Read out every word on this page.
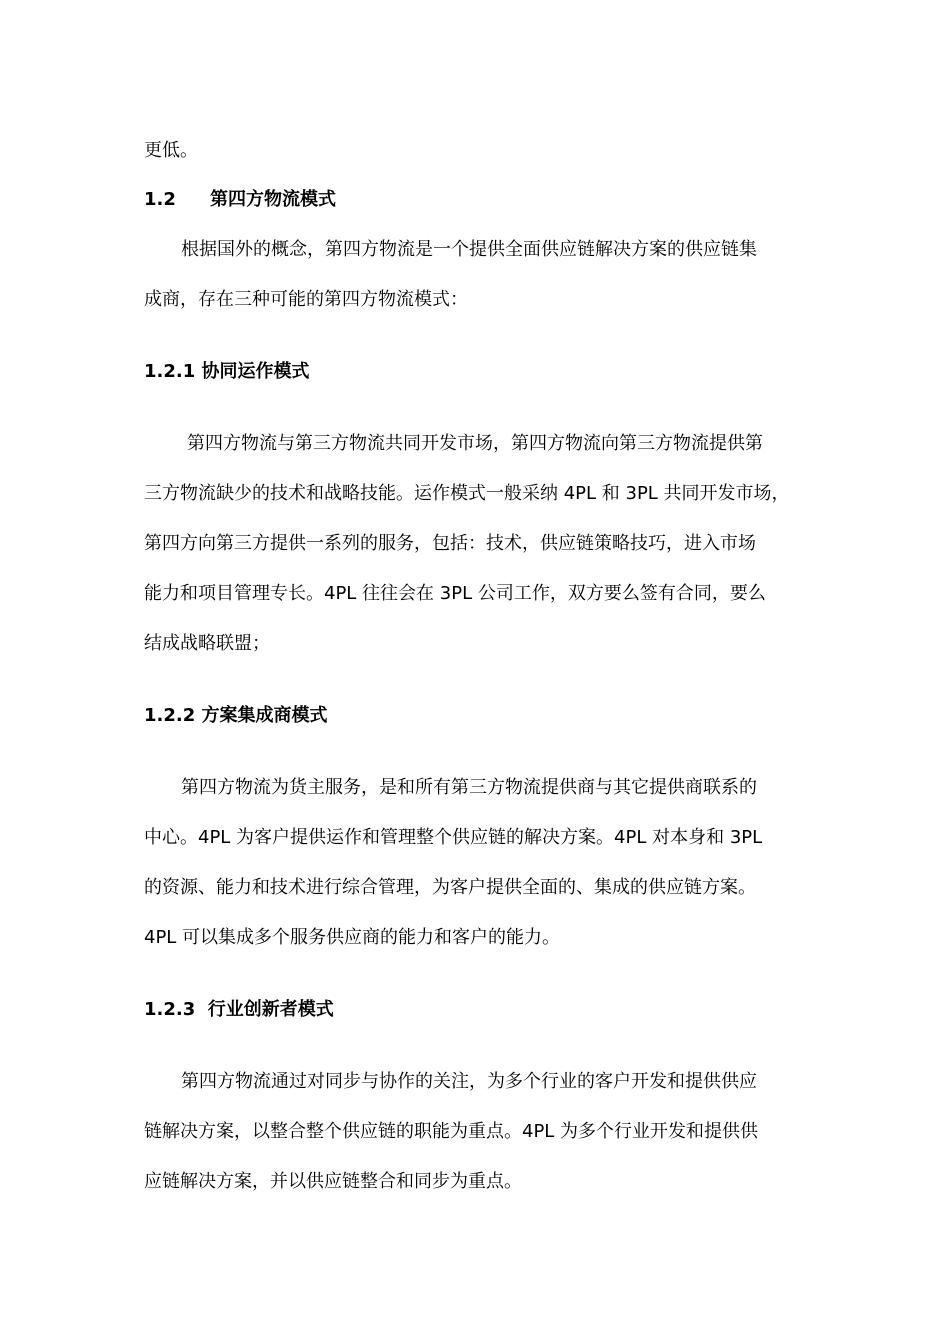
更低。

1.2 第四方物流模式

根据国外的概念，第四方物流是一个提供全面供应链解决方案的供应链集

成商，存在三种可能的第四方物流模式：

1.2.1 协同运作模式

第四方物流与第三方物流共同开发市场，第四方物流向第三方物流提供第

三方物流缺少的技术和战略技能。运作模式一般采纳 4PL 和 3PL 共同开发市场，

第四方向第三方提供一系列的服务，包括：技术，供应链策略技巧，进入市场

能力和项目管理专长。4PL 往往会在 3PL 公司工作，双方要么签有合同，要么

结成战略联盟；

1.2.2 方案集成商模式

第四方物流为货主服务，是和所有第三方物流提供商与其它提供商联系的

中心。4PL 为客户提供运作和管理整个供应链的解决方案。4PL 对本身和 3PL

的资源、能力和技术进行综合管理，为客户提供全面的、集成的供应链方案。

4PL 可以集成多个服务供应商的能力和客户的能力。

1.2.3 行业创新者模式

第四方物流通过对同步与协作的关注，为多个行业的客户开发和提供供应

链解决方案，以整合整个供应链的职能为重点。4PL 为多个行业开发和提供供

应链解决方案，并以供应链整合和同步为重点。
